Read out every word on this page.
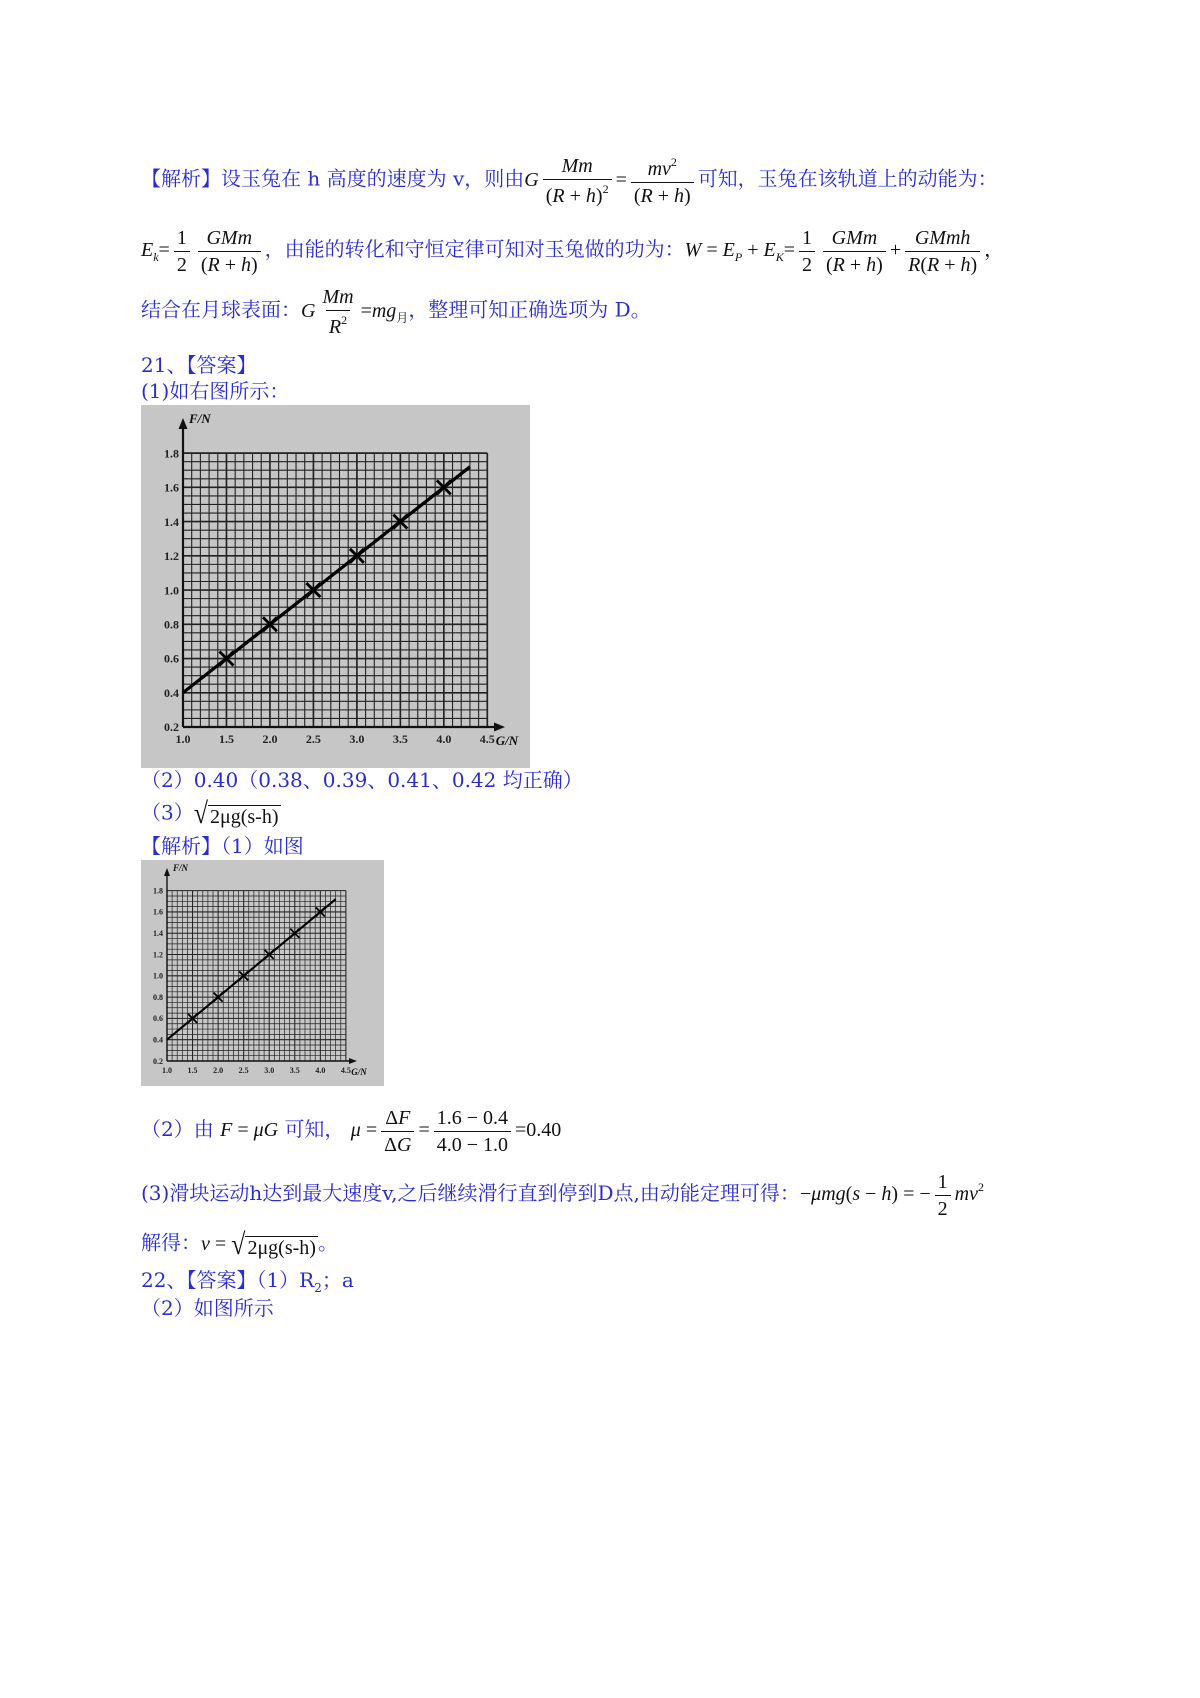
【解析】设玉兔在 h 高度的速度为 v，则由G $\frac{Mm}{(R + h)^2} = \frac{mv^2}{(R + h)}$ 可知，玉兔在该轨道上的动能为：
$E_k= \frac{1}{2} \frac{\text{GMm}}{(R + h)}$ ，由能的转化和守恒定律可知对玉兔做的功为：$W = E_P + E_K= \frac{1}{2} \frac{\text{GMm}}{(R + h)} + \frac{\text{GMmh}}{R(R + h)}$ ，
结合在月球表面：G $\frac{Mm}{R^2} =mg_月$，整理可知正确选项为 D。
21、【答案】
(1)如右图所示：
1.0 1.5 2.0 2.5 3.0 3.5 4.0 4.5
0.2
0.4
0.6
0.8
1.0
1.2
1.4
1.6
1.8
G/N
F/N
（2）0.40（0.38、0.39、0.41、0.42 均正确）
（3） √ 2μg(s-h)
【解析】（1）如图
1.0 1.5 2.0 2.5 3.0 3.5 4.0 4.5
0.2
0.4
0.6
0.8
1.0
1.2
1.4
1.6
1.8
G/N
F/N
（2）由 F = μG 可知， $\mu = \frac{\Delta F}{\Delta G} = \frac{1.6 - 0.4}{4.0 - 1.0} =0.40$
(3)滑块运动h达到最大速度v,之后继续滑行直到停到D点,由动能定理可得：−μmg(s − h) = − $\frac{1}{2} mv^2$
解得：v = √ 2μg(s-h) 。
22、【答案】$(1)R_2$；a
（2）如图所示
